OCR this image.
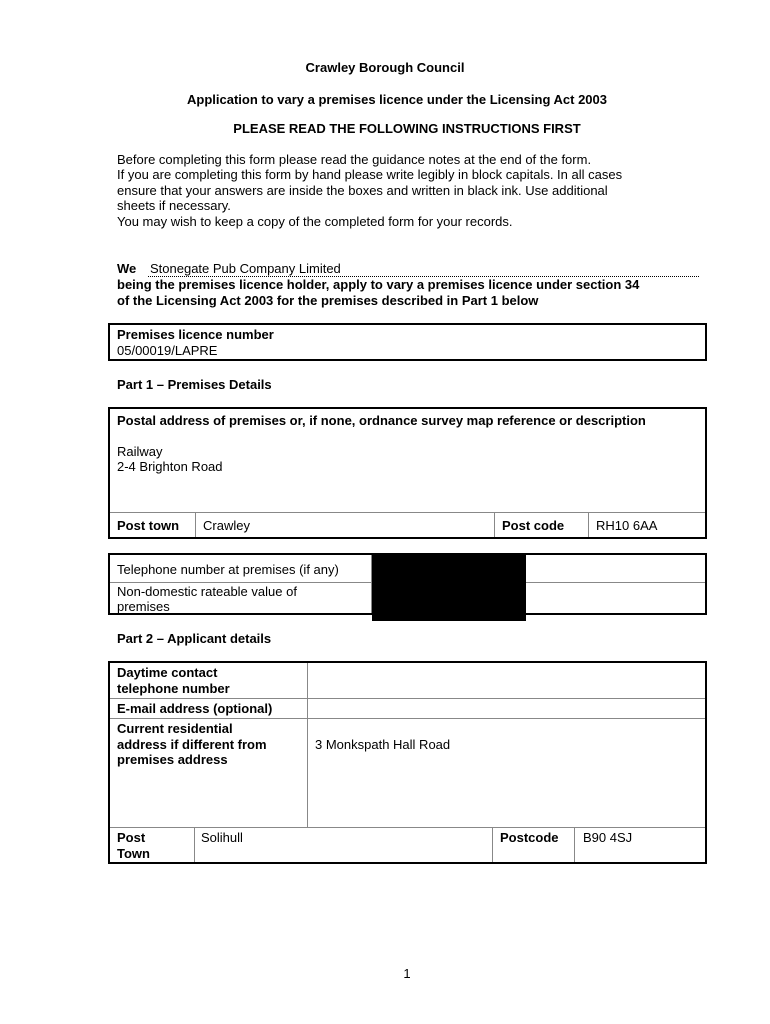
Crawley Borough Council
Application to vary a premises licence under the Licensing Act 2003
PLEASE READ THE FOLLOWING INSTRUCTIONS FIRST
Before completing this form please read the guidance notes at the end of the form.
If you are completing this form by hand please write legibly in block capitals. In all cases
ensure that your answers are inside the boxes and written in black ink. Use additional
sheets if necessary.
You may wish to keep a copy of the completed form for your records.
We Stonegate Pub Company Limited
being the premises licence holder, apply to vary a premises licence under section 34
of the Licensing Act 2003 for the premises described in Part 1 below
Premises licence number
05/00019/LAPRE
Part 1 – Premises Details
Postal address of premises or, if none, ordnance survey map reference or description
Railway
2-4 Brighton Road
Post town Crawley	Post code RH10 6AA
Telephone number at premises (if any)
Non-domestic rateable value of
premises
Part 2 – Applicant details
Daytime contact
telephone number
E-mail address (optional)
Current residential
address if different from
premises address
3 Monkspath Hall Road
Post
Town
Solihull	Postcode B90 4SJ
1
